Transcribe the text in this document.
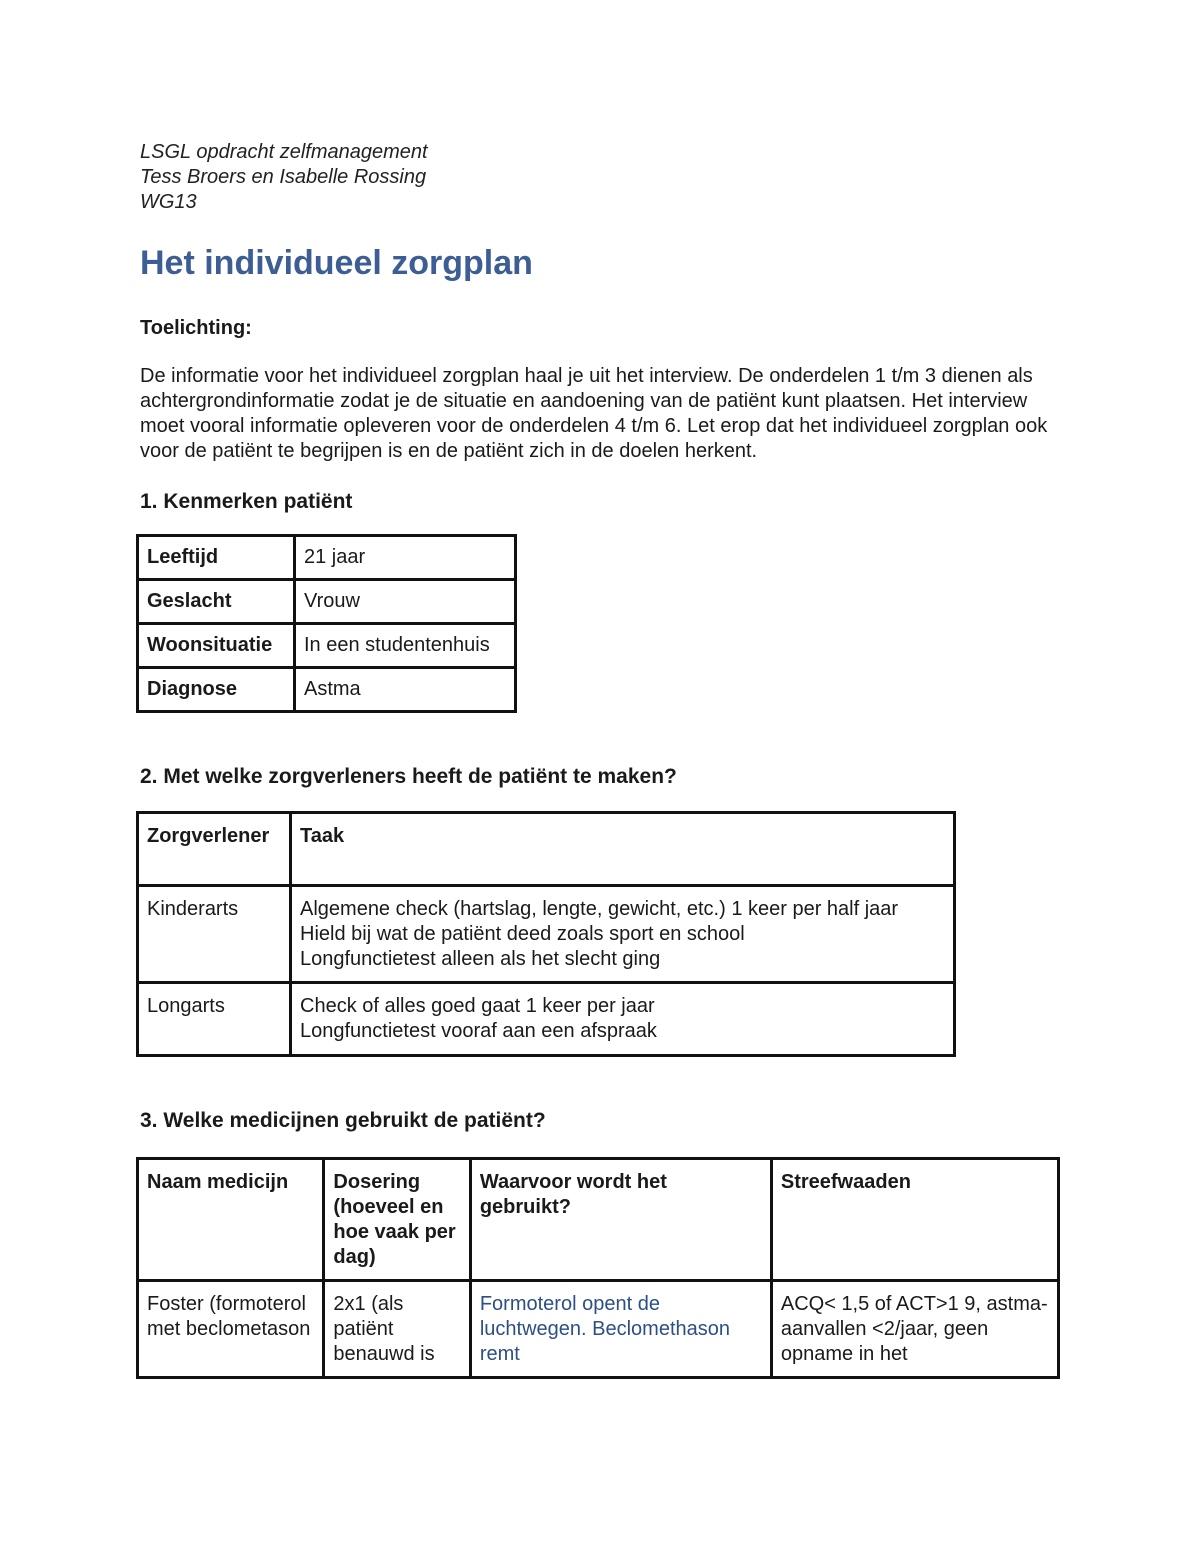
LSGL opdracht zelfmanagement
Tess Broers en Isabelle Rossing
WG13
Het individueel zorgplan
Toelichting:
De informatie voor het individueel zorgplan haal je uit het interview. De onderdelen 1 t/m 3 dienen als achtergrondinformatie zodat je de situatie en aandoening van de patiënt kunt plaatsen. Het interview moet vooral informatie opleveren voor de onderdelen 4 t/m 6. Let erop dat het individueel zorgplan ook voor de patiënt te begrijpen is en de patiënt zich in de doelen herkent.
1. Kenmerken patiënt
Leeftijd	21 jaar
Geslacht	Vrouw
Woonsituatie	In een studentenhuis
Diagnose	Astma
2. Met welke zorgverleners heeft de patiënt te maken?
Zorgverlener	Taak
Kinderarts	Algemene check (hartslag, lengte, gewicht, etc.) 1 keer per half jaar
Hield bij wat de patiënt deed zoals sport en school
Longfunctietest alleen als het slecht ging

Longarts	Check of alles goed gaat 1 keer per jaar
Longfunctietest vooraf aan een afspraak
3. Welke medicijnen gebruikt de patiënt?
Naam medicijn	Dosering (hoeveel en hoe vaak per dag)	Waarvoor wordt het gebruikt?	Streefwaaden
Foster (formoterol met beclometason	2x1 (als patiënt benauwd is	Formoterol opent de luchtwegen. Beclomethason remt	ACQ< 1,5 of ACT>1 9, astma-aanvallen <2/jaar, geen opname in het
